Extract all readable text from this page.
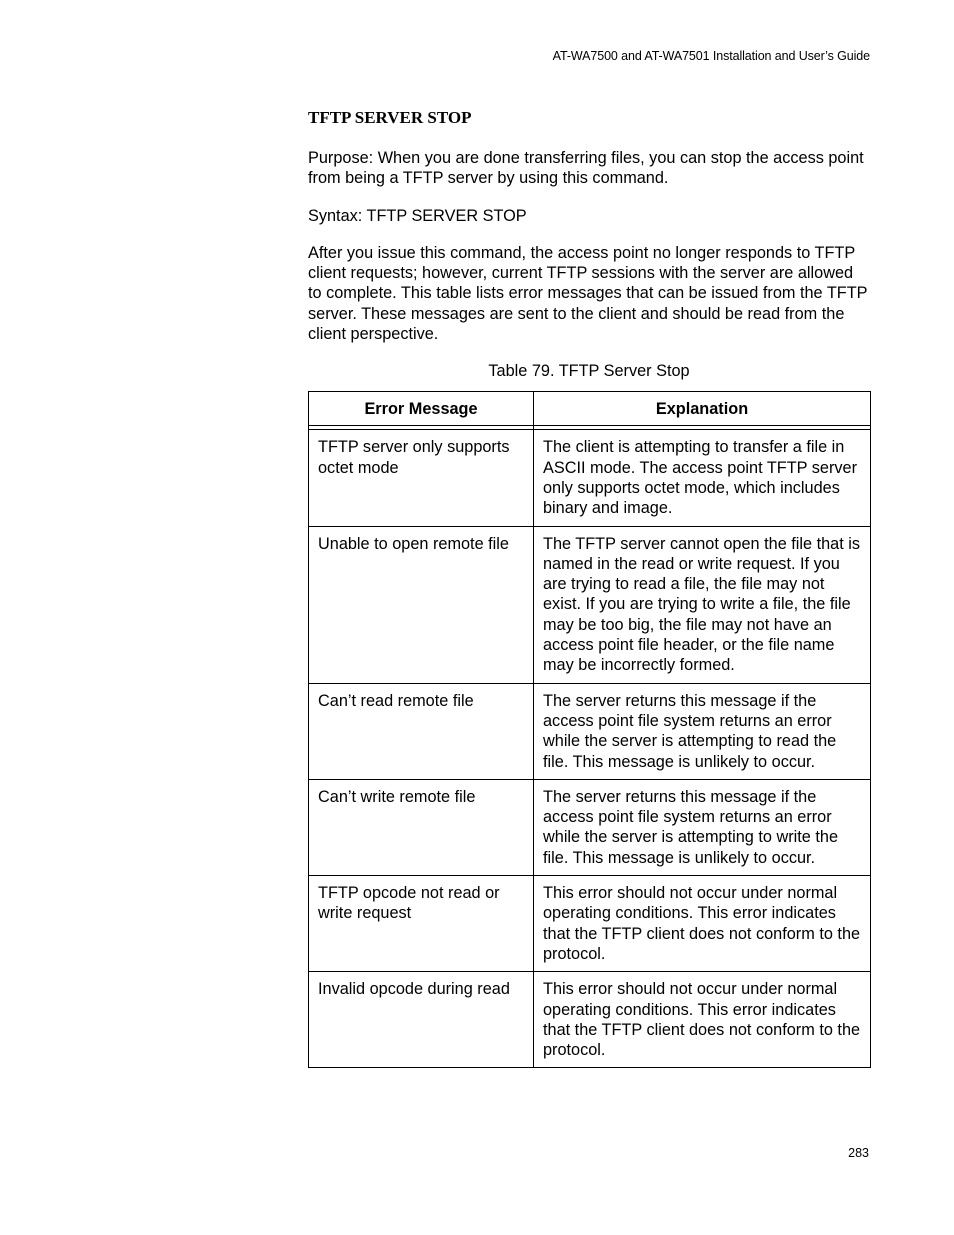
AT-WA7500 and AT-WA7501 Installation and User’s Guide
TFTP SERVER STOP

Purpose: When you are done transferring files, you can stop the access point from being a TFTP server by using this command.

Syntax: TFTP SERVER STOP

After you issue this command, the access point no longer responds to TFTP client requests; however, current TFTP sessions with the server are allowed to complete. This table lists error messages that can be issued from the TFTP server. These messages are sent to the client and should be read from the client perspective.

Table 79. TFTP Server Stop

Error Message	Explanation

TFTP server only supports octet mode	The client is attempting to transfer a file in ASCII mode. The access point TFTP server only supports octet mode, which includes binary and image.
Unable to open remote file	The TFTP server cannot open the file that is named in the read or write request. If you are trying to read a file, the file may not exist. If you are trying to write a file, the file may be too big, the file may not have an access point file header, or the file name may be incorrectly formed.
Can’t read remote file	The server returns this message if the access point file system returns an error while the server is attempting to read the file. This message is unlikely to occur.
Can’t write remote file	The server returns this message if the access point file system returns an error while the server is attempting to write the file. This message is unlikely to occur.
TFTP opcode not read or write request	This error should not occur under normal operating conditions. This error indicates that the TFTP client does not conform to the protocol.
Invalid opcode during read	This error should not occur under normal operating conditions. This error indicates that the TFTP client does not conform to the protocol.
283
